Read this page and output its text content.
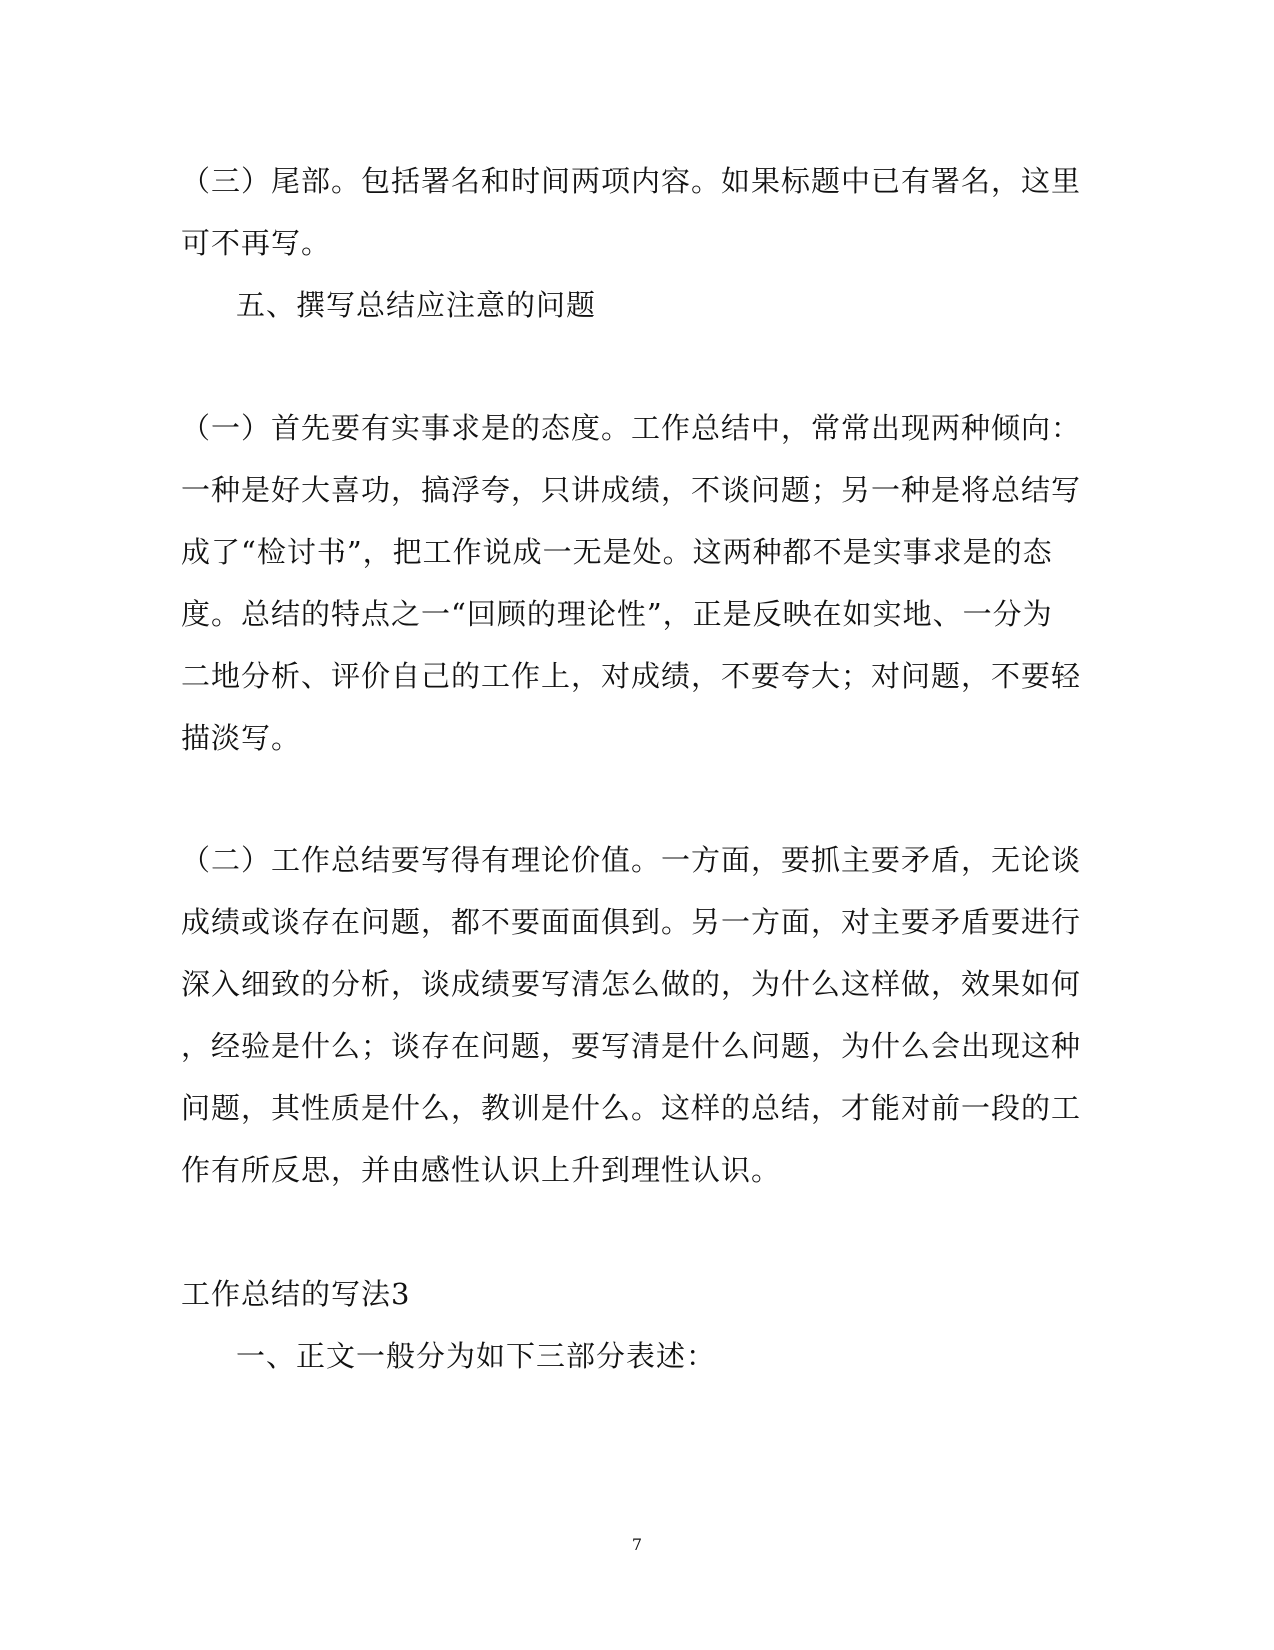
（三）尾部。包括署名和时间两项内容。如果标题中已有署名，这里
可不再写。
五、撰写总结应注意的问题
（一）首先要有实事求是的态度。工作总结中，常常出现两种倾向：
一种是好大喜功，搞浮夸，只讲成绩，不谈问题；另一种是将总结写
成了“检讨书”，把工作说成一无是处。这两种都不是实事求是的态
度。总结的特点之一“回顾的理论性”，正是反映在如实地、一分为
二地分析、评价自己的工作上，对成绩，不要夸大；对问题，不要轻
描淡写。
（二）工作总结要写得有理论价值。一方面，要抓主要矛盾，无论谈
成绩或谈存在问题，都不要面面俱到。另一方面，对主要矛盾要进行
深入细致的分析，谈成绩要写清怎么做的，为什么这样做，效果如何
，经验是什么；谈存在问题，要写清是什么问题，为什么会出现这种
问题，其性质是什么，教训是什么。这样的总结，才能对前一段的工
作有所反思，并由感性认识上升到理性认识。
工作总结的写法3
一、正文一般分为如下三部分表述：
7
